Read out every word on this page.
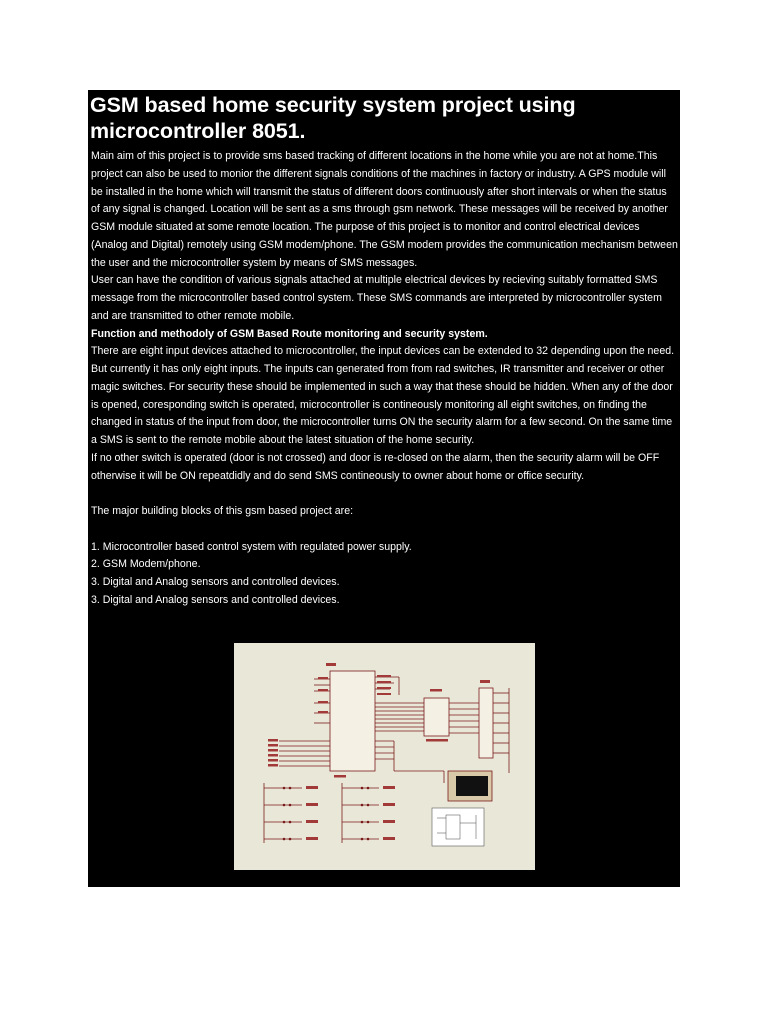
GSM based home security system project using microcontroller 8051.

Main aim of this project is to provide sms based tracking of different locations in the home while you are not at home.This project can also be used to monior the different signals conditions of the machines in factory or industry. A GPS module will be installed in the home which will transmit the status of different doors continuously after short intervals or when the status of any signal is changed. Location will be sent as a sms through gsm network. These messages will be received by another GSM module situated at some remote location. The purpose of this project is to monitor and control electrical devices (Analog and Digital) remotely using GSM modem/phone. The GSM modem provides the communication mechanism between the user and the microcontroller system by means of SMS messages.

User can have the condition of various signals attached at multiple electrical devices by recieving suitably formatted SMS message from the microcontroller based control system. These SMS commands are interpreted by microcontroller system and are transmitted to other remote mobile.

Function and methodoly of GSM Based Route monitoring and security system.

There are eight input devices attached to microcontroller, the input devices can be extended to 32 depending upon the need. But currently it has only eight inputs. The inputs can generated from from rad switches, IR transmitter and receiver or other magic switches. For security these should be implemented in such a way that these should be hidden. When any of the door is opened, coresponding switch is operated, microcontroller is contineously monitoring all eight switches, on finding the changed in status of the input from door, the microcontroller turns ON the security alarm for a few second. On the same time a SMS is sent to the remote mobile about the latest situation of the home security.

If no other switch is operated (door is not crossed) and door is re-closed on the alarm, then the security alarm will be OFF otherwise it will be ON repeatdidly and do send SMS contineously to owner about home or office security.

The major building blocks of this gsm based project are:

1. Microcontroller based control system with regulated power supply.

2. GSM Modem/phone.

3. Digital and Analog sensors and controlled devices.

3. Digital and Analog sensors and controlled devices.
